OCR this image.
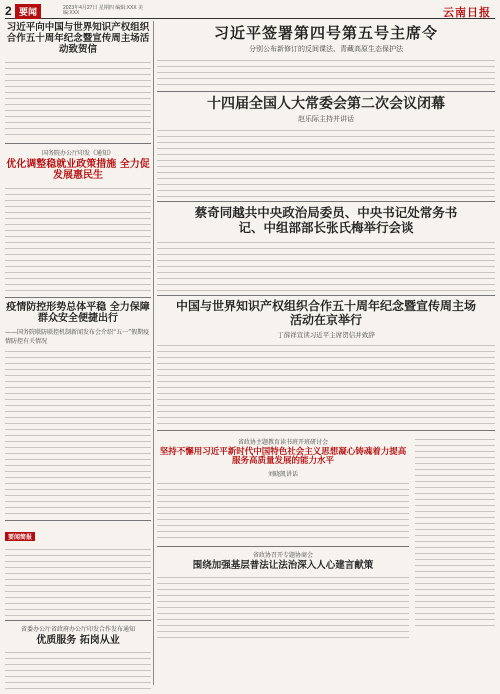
2 要闻	2023年4月27日 星期四 编辑:XXX 美编:XXX	云南日报
习近平向中国与世界知识产权组织合作五十周年纪念暨宣传周主场活动致贺信
国务院办公厅印发《通知》
优化调整稳就业政策措施 全力促发展惠民生
疫情防控形势总体平稳 全力保障群众安全便捷出行
——国务院联防联控机制新闻发布会介绍“五一”假期疫情防控有关情况
要闻简报
省委办公厅省政府办公厅印发合作发布通知
优质服务 拓岗从业
习近平签署第四号第五号主席令
分别公布新修订的反间谍法、青藏高原生态保护法
十四届全国人大常委会第二次会议闭幕
赵乐际主持并讲话
蔡奇同越共中央政治局委员、中央书记处常务书记、中组部部长张氏梅举行会谈
中国与世界知识产权组织合作五十周年纪念暨宣传周主场活动在京举行
丁薛祥宣读习近平主席贺信并致辞
省政协主题教育读书班开班研讨会
坚持不懈用习近平新时代中国特色社会主义思想凝心铸魂着力提高服务高质量发展的能力水平
刘晓凯讲话
省政协召开专题协商会
围绕加强基层普法让法治深入人心建言献策
